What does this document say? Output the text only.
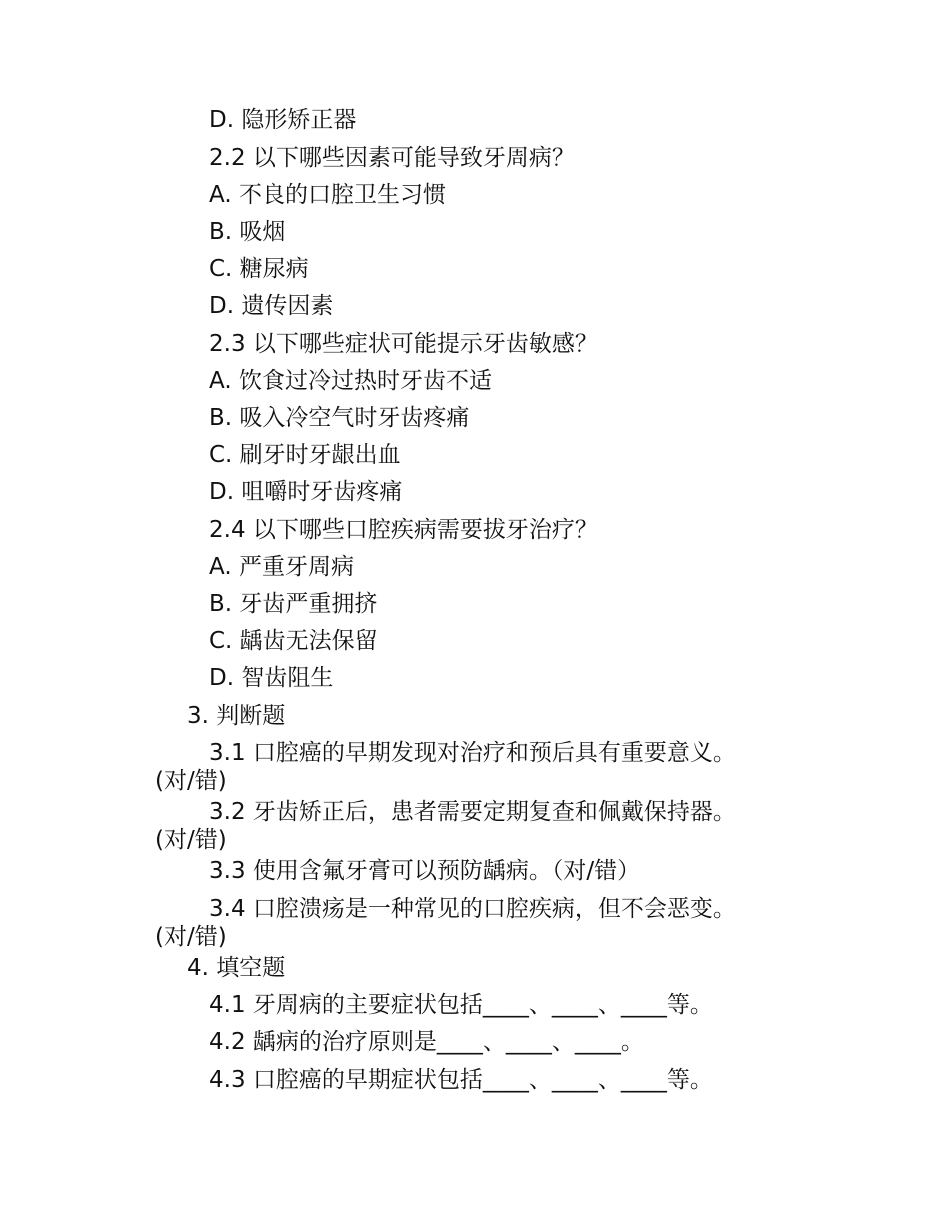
D. 隐形矫正器
2.2 以下哪些因素可能导致牙周病？
A. 不良的口腔卫生习惯
B. 吸烟
C. 糖尿病
D. 遗传因素
2.3 以下哪些症状可能提示牙齿敏感？
A. 饮食过冷过热时牙齿不适
B. 吸入冷空气时牙齿疼痛
C. 刷牙时牙龈出血
D. 咀嚼时牙齿疼痛
2.4 以下哪些口腔疾病需要拔牙治疗？
A. 严重牙周病
B. 牙齿严重拥挤
C. 龋齿无法保留
D. 智齿阻生
3. 判断题
3.1 口腔癌的早期发现对治疗和预后具有重要意义。
(对/错)
3.2 牙齿矫正后，患者需要定期复查和佩戴保持器。
(对/错)
3.3 使用含氟牙膏可以预防龋病。（对/错）
3.4 口腔溃疡是一种常见的口腔疾病，但不会恶变。
(对/错)
4. 填空题
4.1 牙周病的主要症状包括____、____、____等。
4.2 龋病的治疗原则是____、____、____。
4.3 口腔癌的早期症状包括____、____、____等。
